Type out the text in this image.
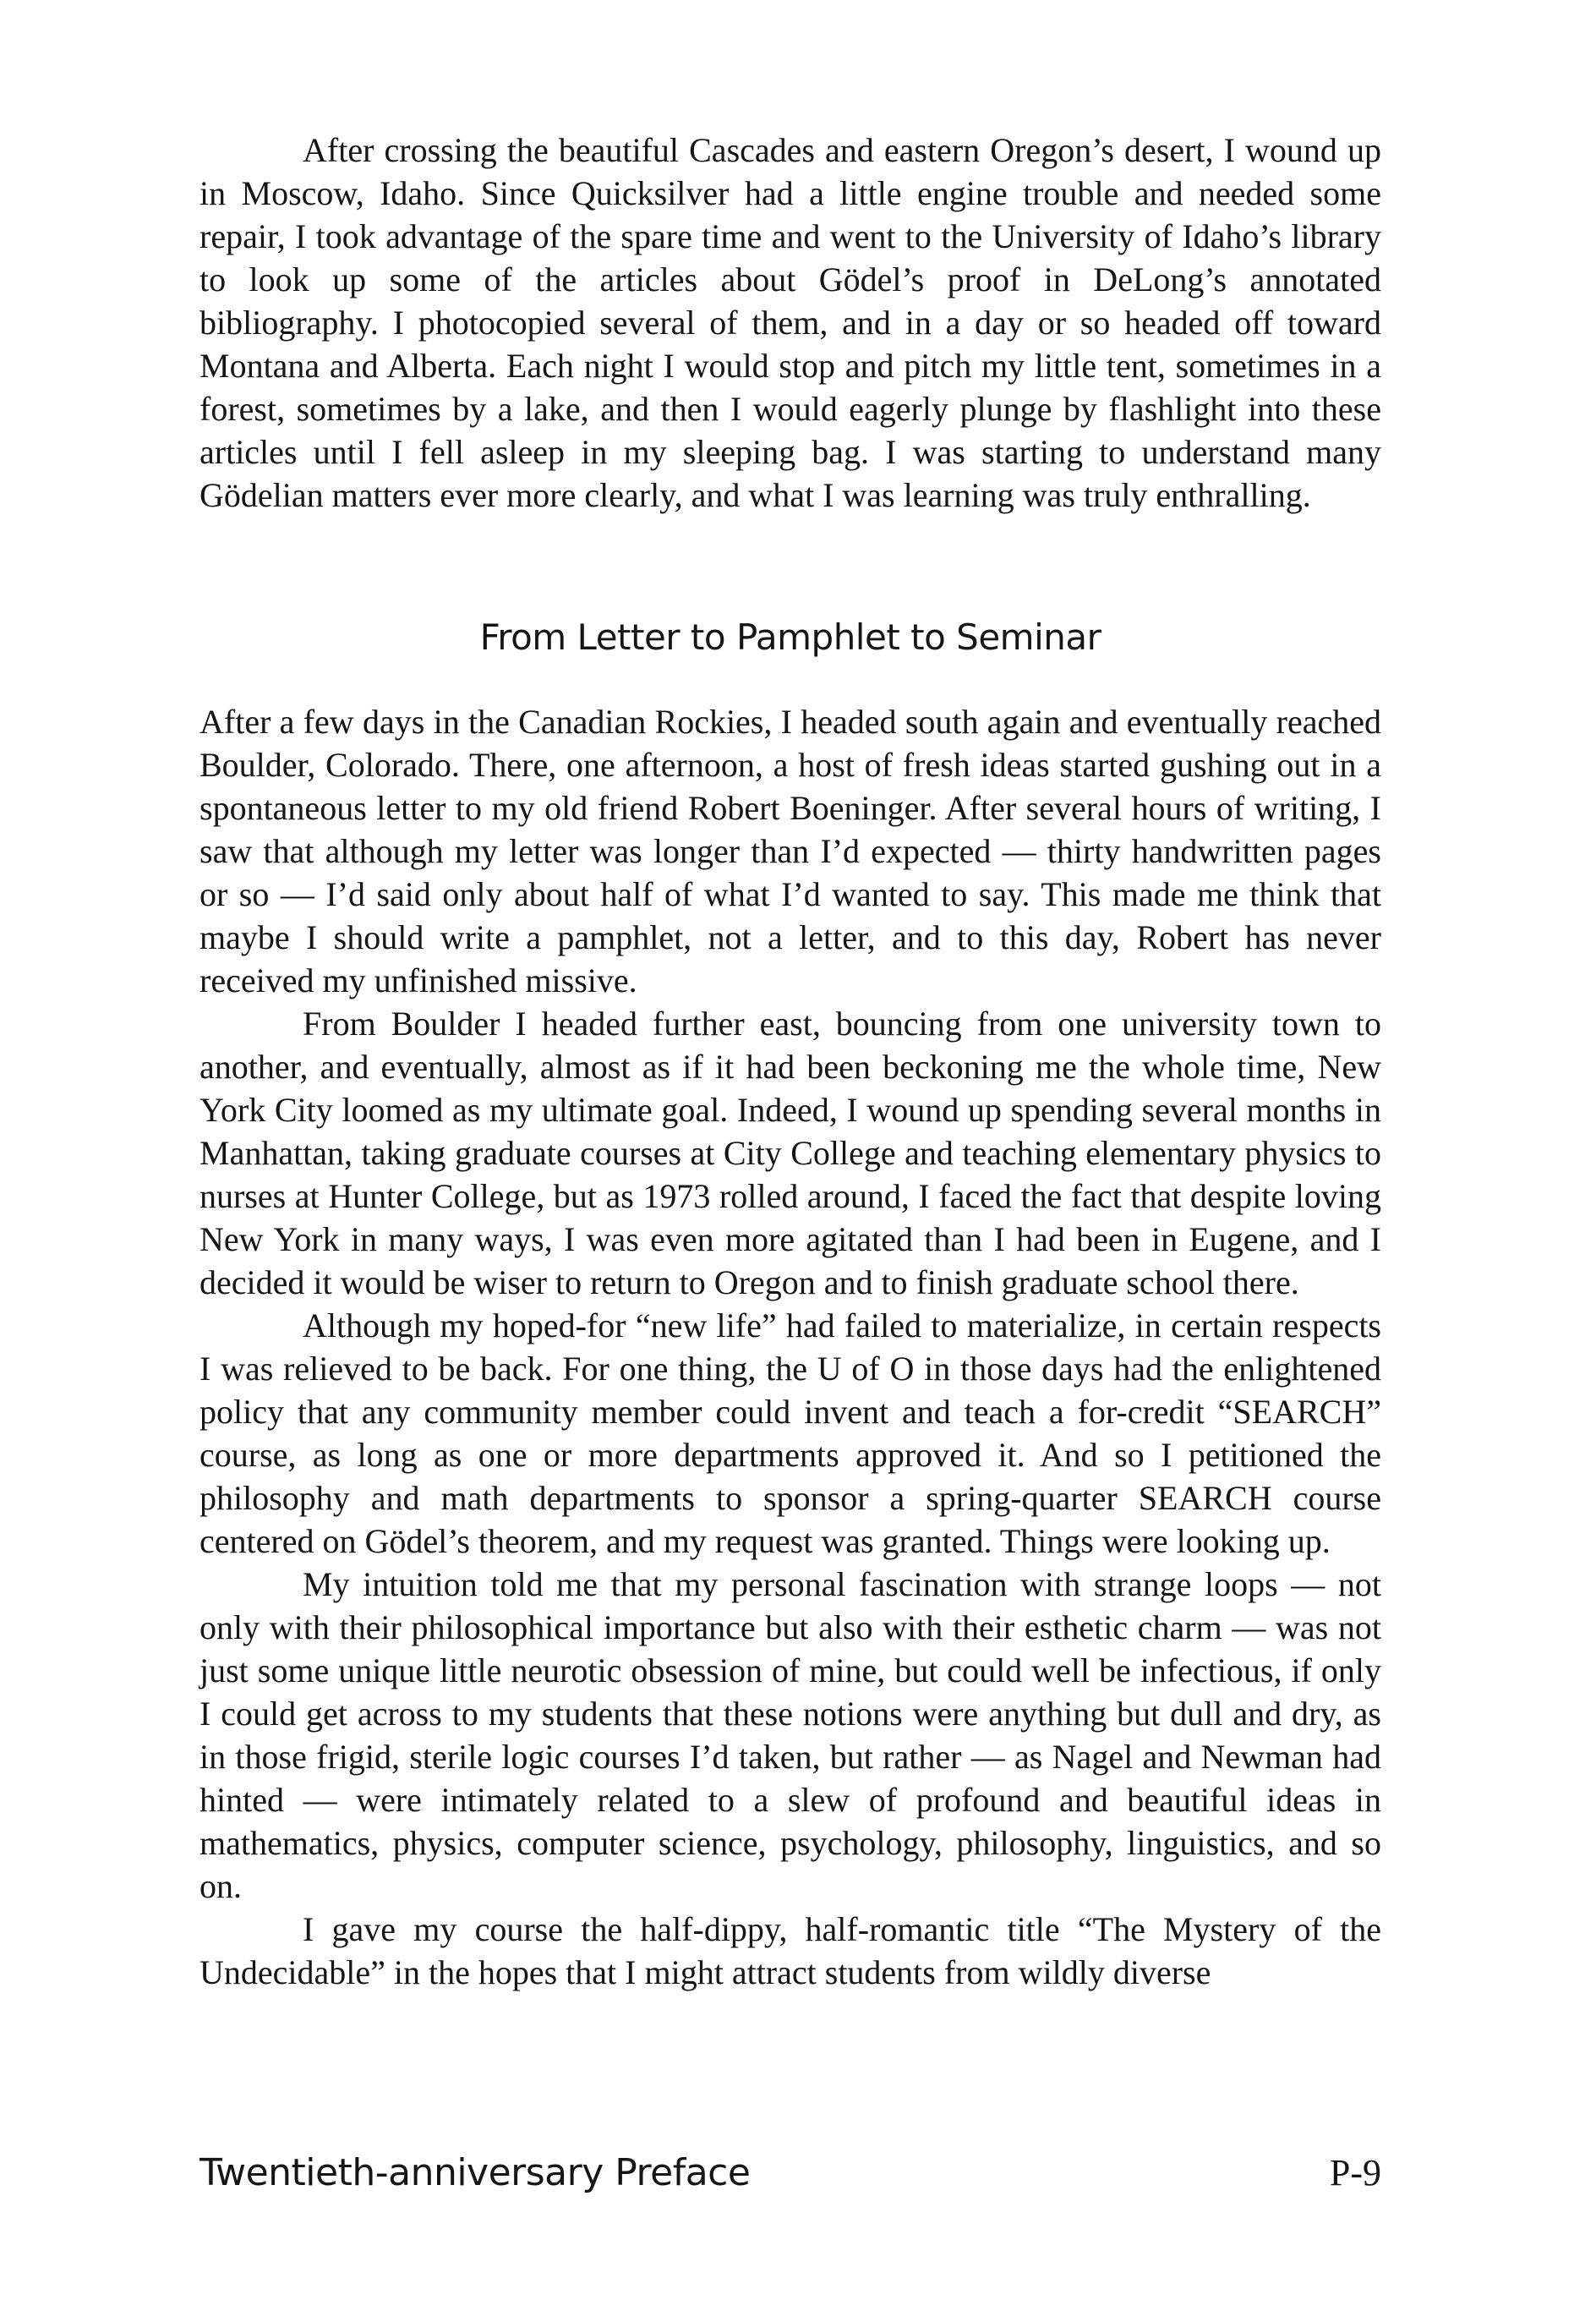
After crossing the beautiful Cascades and eastern Oregon’s desert, I wound up in Moscow, Idaho. Since Quicksilver had a little engine trouble and needed some repair, I took advantage of the spare time and went to the University of Idaho’s library to look up some of the articles about Gödel’s proof in DeLong’s annotated bibliography. I photocopied several of them, and in a day or so headed off toward Montana and Alberta. Each night I would stop and pitch my little tent, sometimes in a forest, sometimes by a lake, and then I would eagerly plunge by flashlight into these articles until I fell asleep in my sleeping bag. I was starting to understand many Gödelian matters ever more clearly, and what I was learning was truly enthralling.

From Letter to Pamphlet to Seminar

After a few days in the Canadian Rockies, I headed south again and eventually reached Boulder, Colorado. There, one afternoon, a host of fresh ideas started gushing out in a spontaneous letter to my old friend Robert Boeninger. After several hours of writing, I saw that although my letter was longer than I’d expected — thirty handwritten pages or so — I’d said only about half of what I’d wanted to say. This made me think that maybe I should write a pamphlet, not a letter, and to this day, Robert has never received my unfinished missive.

From Boulder I headed further east, bouncing from one university town to another, and eventually, almost as if it had been beckoning me the whole time, New York City loomed as my ultimate goal. Indeed, I wound up spending several months in Manhattan, taking graduate courses at City College and teaching elementary physics to nurses at Hunter College, but as 1973 rolled around, I faced the fact that despite loving New York in many ways, I was even more agitated than I had been in Eugene, and I decided it would be wiser to return to Oregon and to finish graduate school there.

Although my hoped-for “new life” had failed to materialize, in certain respects I was relieved to be back. For one thing, the U of O in those days had the enlightened policy that any community member could invent and teach a for-credit “SEARCH” course, as long as one or more departments approved it. And so I petitioned the philosophy and math departments to sponsor a spring-quarter SEARCH course centered on Gödel’s theorem, and my request was granted. Things were looking up.

My intuition told me that my personal fascination with strange loops — not only with their philosophical importance but also with their esthetic charm — was not just some unique little neurotic obsession of mine, but could well be infectious, if only I could get across to my students that these notions were anything but dull and dry, as in those frigid, sterile logic courses I’d taken, but rather — as Nagel and Newman had hinted — were intimately related to a slew of profound and beautiful ideas in mathematics, physics, computer science, psychology, philosophy, linguistics, and so on.

I gave my course the half-dippy, half-romantic title “The Mystery of the Undecidable” in the hopes that I might attract students from wildly diverse

Twentieth-anniversary Preface	P-9
